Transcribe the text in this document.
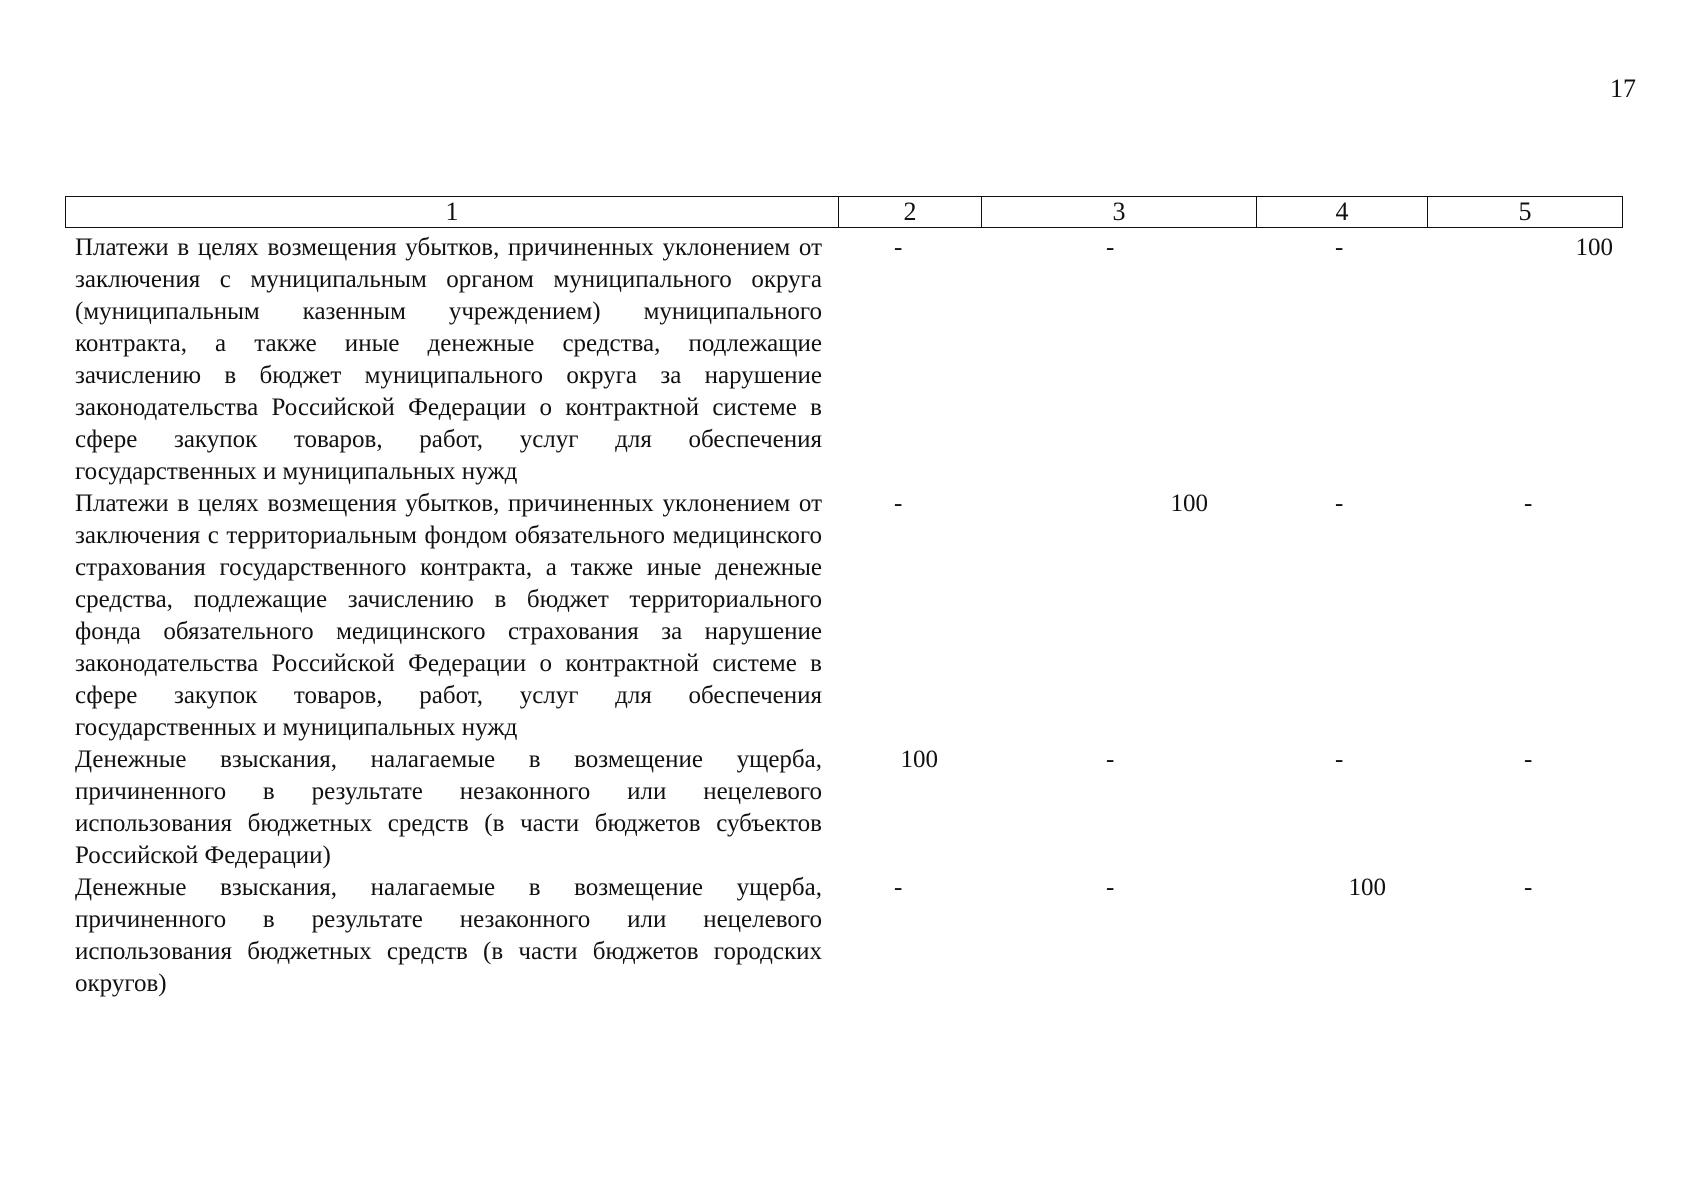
17
1	2	3	4	5
Платежи в целях возмещения убытков, причиненных уклонением от заключения с муниципальным органом муниципального округа (муниципальным казенным учреждением) муниципального контракта, а также иные денежные средства, подлежащие зачислению в бюджет муниципального округа за нарушение законодательства Российской Федерации о контрактной системе в сфере закупок товаров, работ, услуг для обеспечения государственных и муниципальных нужд
-	-	-	100
Платежи в целях возмещения убытков, причиненных уклонением от заключения с территориальным фондом обязательного медицинского страхования государственного контракта, а также иные денежные средства, подлежащие зачислению в бюджет территориального фонда обязательного медицинского страхования за нарушение законодательства Российской Федерации о контрактной системе в сфере закупок товаров, работ, услуг для обеспечения государственных и муниципальных нужд
-	100	-	-
Денежные взыскания, налагаемые в возмещение ущерба, причиненного в результате незаконного или нецелевого использования бюджетных средств (в части бюджетов субъектов Российской Федерации)
100	-	-	-
Денежные взыскания, налагаемые в возмещение ущерба, причиненного в результате незаконного или нецелевого использования бюджетных средств (в части бюджетов городских округов)
-	-	100	-
